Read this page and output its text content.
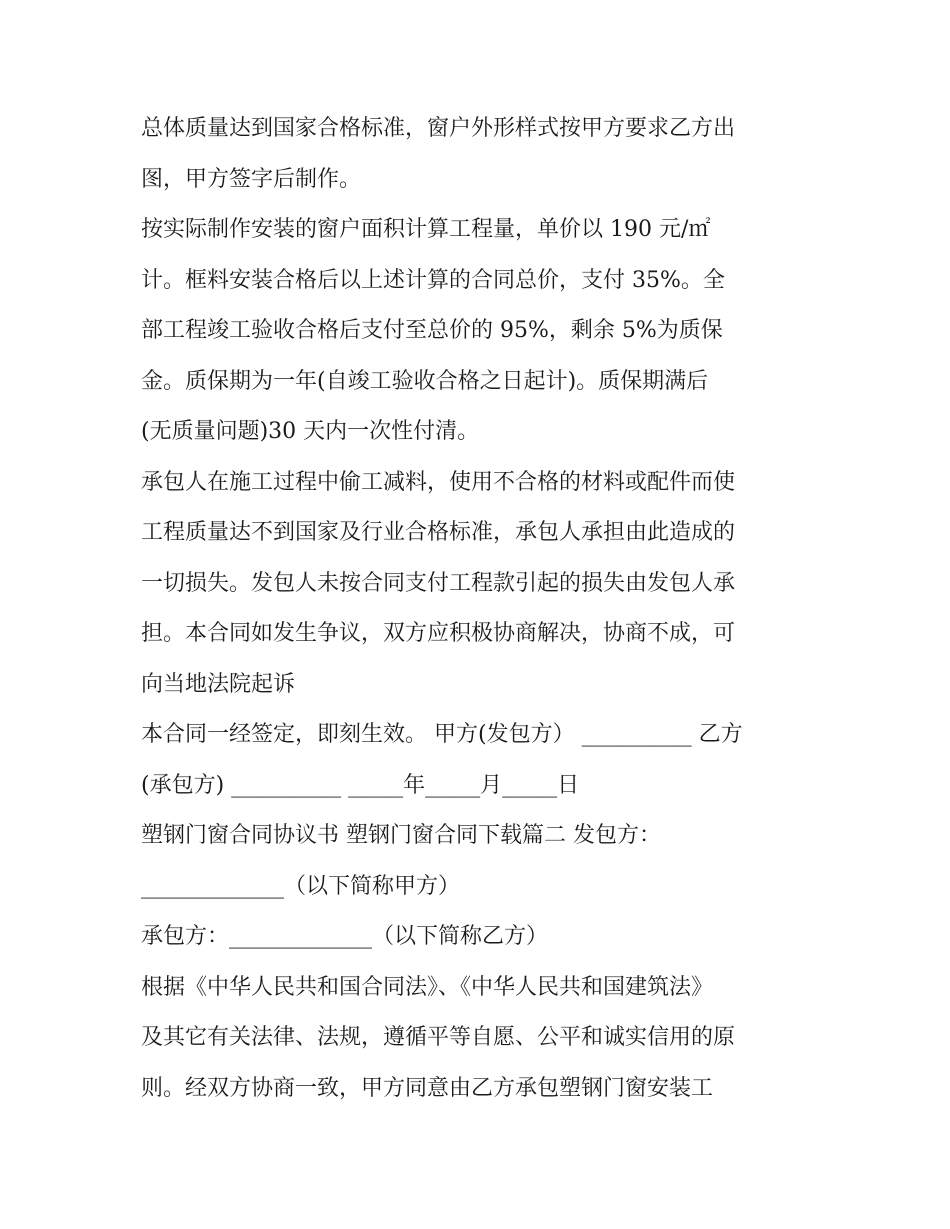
总体质量达到国家合格标准，窗户外形样式按甲方要求乙方出
图，甲方签字后制作。
按实际制作安装的窗户面积计算工程量，单价以 190 元/㎡
计。框料安装合格后以上述计算的合同总价，支付 35%。全
部工程竣工验收合格后支付至总价的 95%，剩余 5%为质保
金。质保期为一年(自竣工验收合格之日起计)。质保期满后
(无质量问题)30 天内一次性付清。
承包人在施工过程中偷工减料，使用不合格的材料或配件而使
工程质量达不到国家及行业合格标准，承包人承担由此造成的
一切损失。发包人未按合同支付工程款引起的损失由发包人承
担。本合同如发生争议，双方应积极协商解决，协商不成，可
向当地法院起诉
本合同一经签定，即刻生效。 甲方(发包方） __________ 乙方
(承包方) __________ _____年_____月_____日
塑钢门窗合同协议书 塑钢门窗合同下载篇二 发包方：
_____________（以下简称甲方）
承包方：_____________（以下简称乙方）
根据《中华人民共和国合同法》、《中华人民共和国建筑法》
及其它有关法律、法规，遵循平等自愿、公平和诚实信用的原
则。经双方协商一致，甲方同意由乙方承包塑钢门窗安装工
